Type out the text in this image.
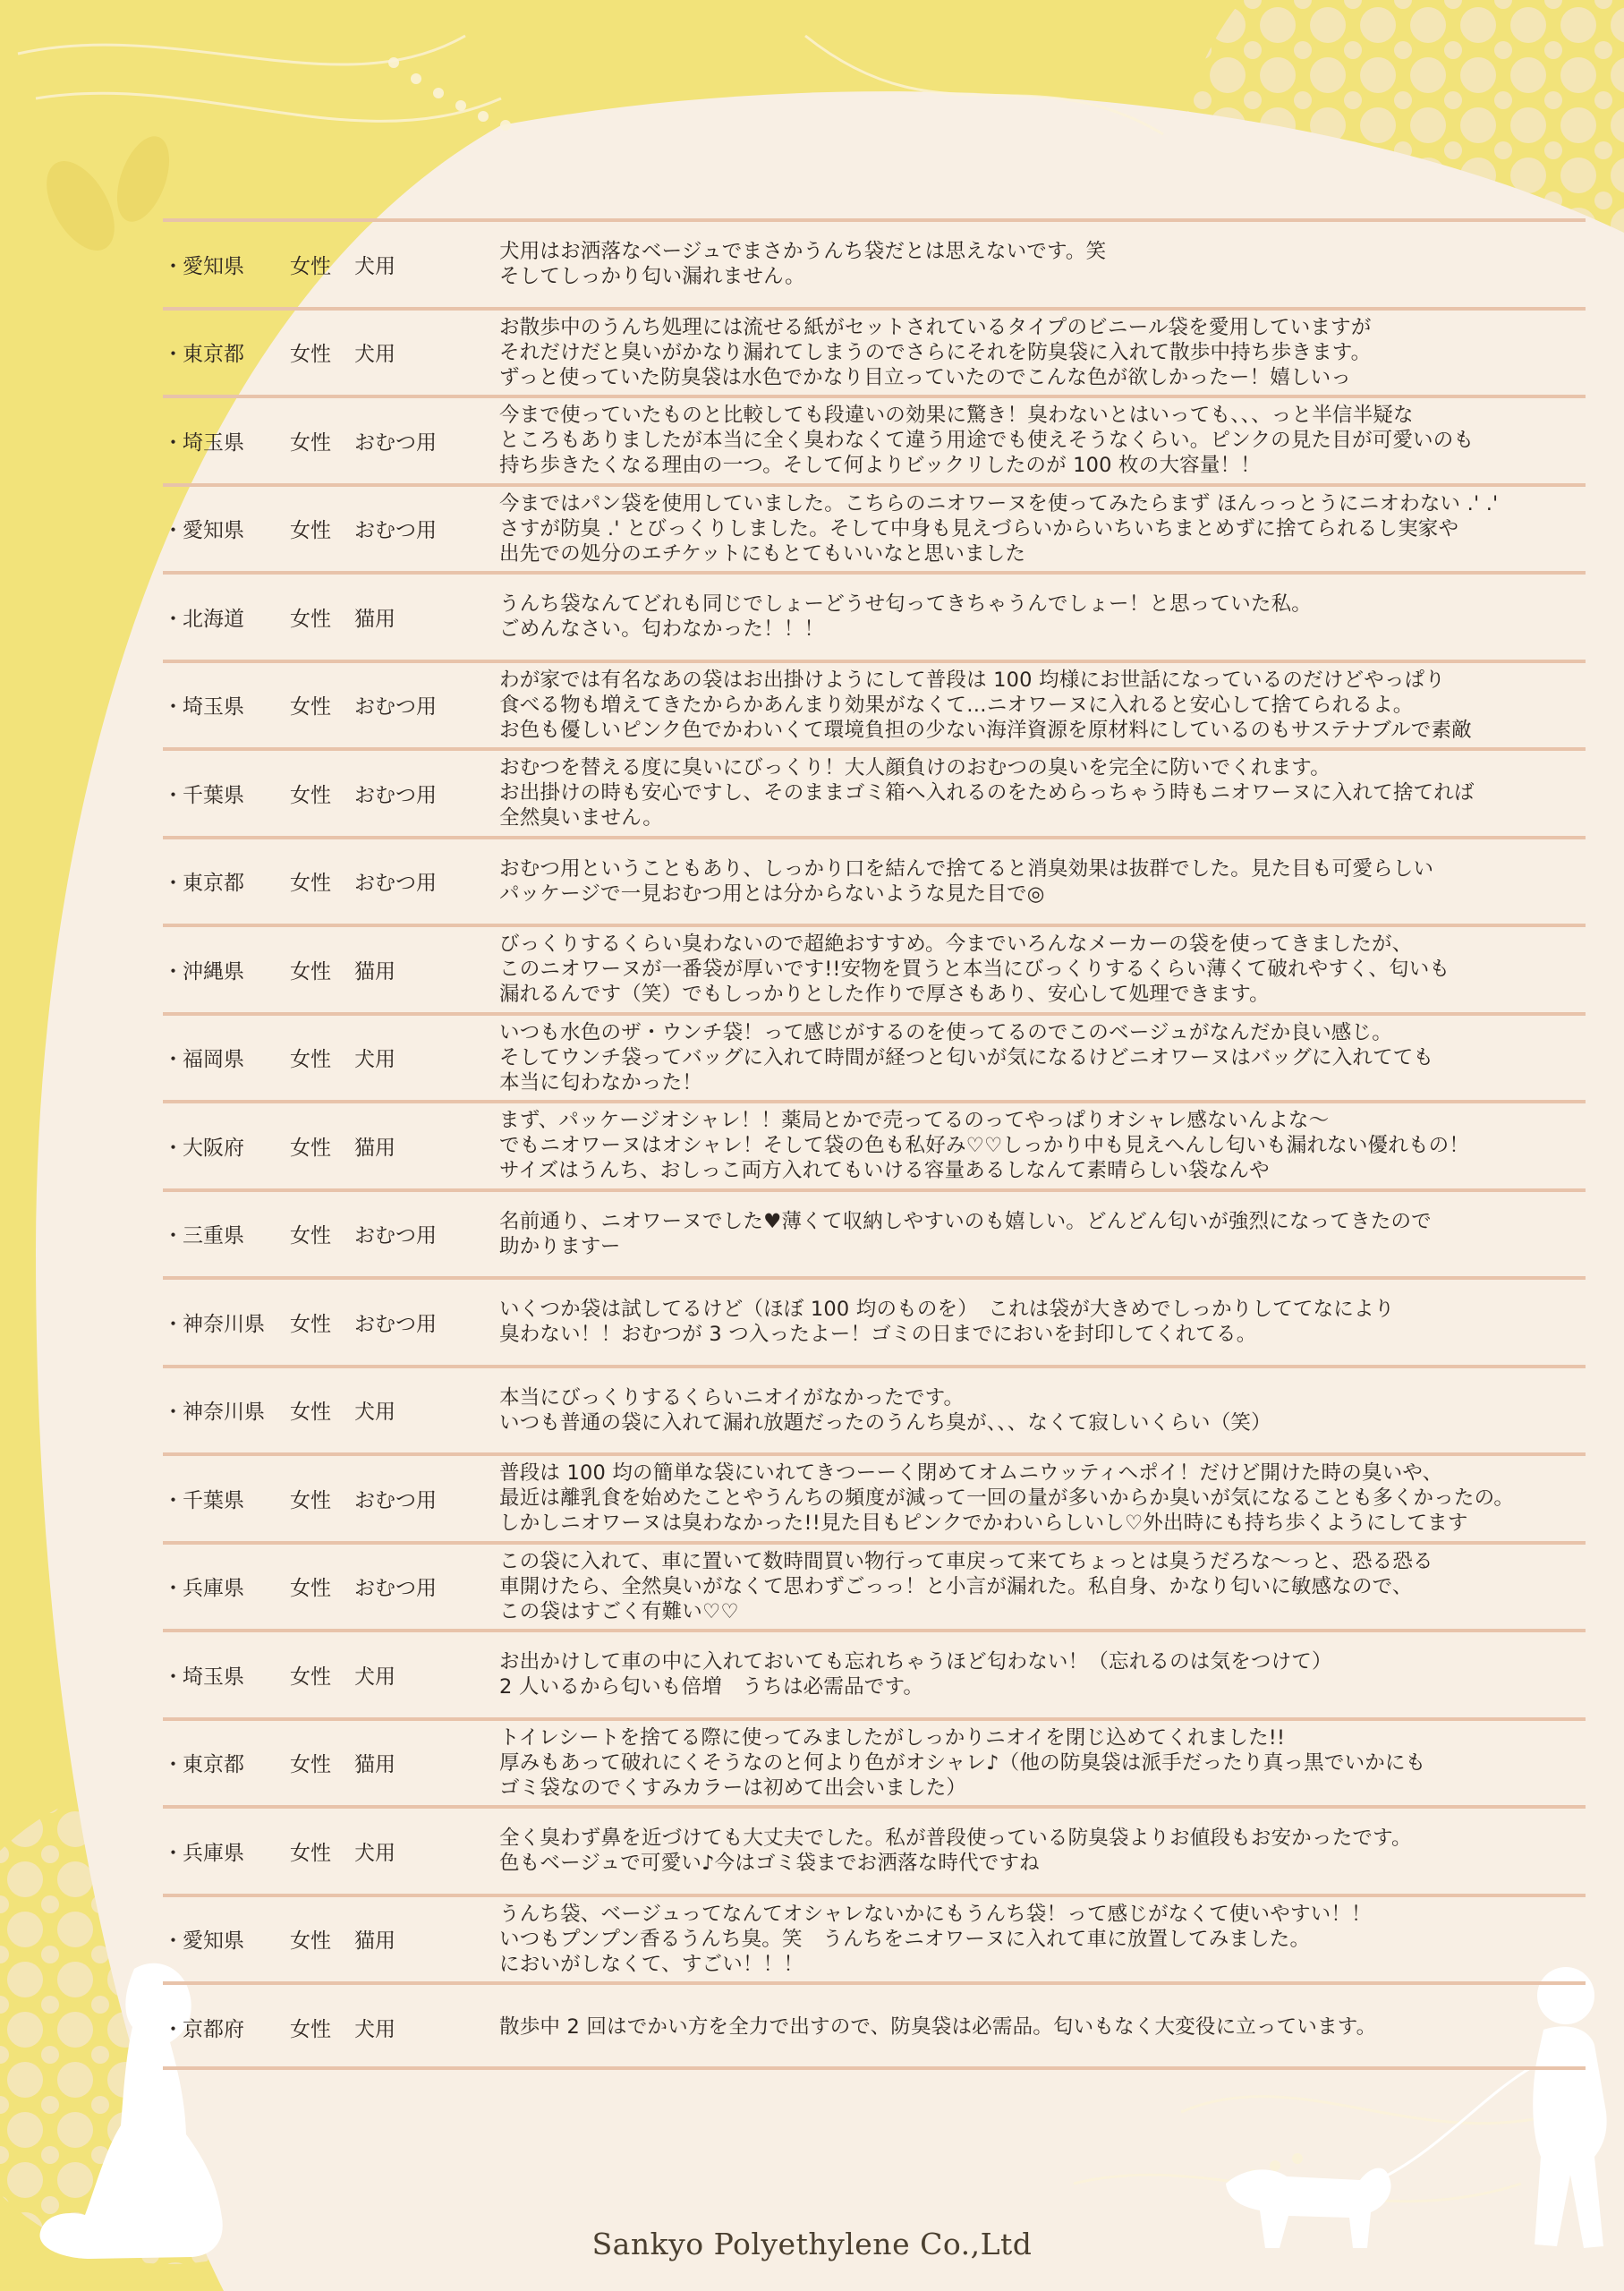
・ 愛知県	女性	犬用
犬用はお洒落なベージュでまさかうんち袋だとは思えないです。笑
そしてしっかり匂い漏れません。
・ 東京都	女性	犬用
お散歩中のうんち処理には流せる紙がセットされているタイプのビニール袋を愛用していますが
それだけだと臭いがかなり漏れてしまうのでさらにそれを防臭袋に入れて散歩中持ち歩きます。
ずっと使っていた防臭袋は水色でかなり目立っていたのでこんな色が欲しかったー！嬉しいっ
・ 埼玉県	女性	おむつ用
今まで使っていたものと比較しても段違いの効果に驚き！臭わないとはいっても、、、っと半信半疑な
ところもありましたが本当に全く臭わなくて違う用途でも使えそうなくらい。ピンクの見た目が可愛いのも
持ち歩きたくなる理由の一つ。そして何よりビックリしたのが 100 枚の大容量！！
・ 愛知県	女性	おむつ用
今まではパン袋を使用していました。こちらのニオワーヌを使ってみたらまず ほんっっとうにニオわない .' .'
さすが防臭 .' とびっくりしました。そして中身も見えづらいからいちいちまとめずに捨てられるし実家や
出先での処分のエチケットにもとてもいいなと思いました
・ 北海道	女性	猫用
うんち袋なんてどれも同じでしょーどうせ匂ってきちゃうんでしょー！と思っていた私。
ごめんなさい。匂わなかった！！！
・ 埼玉県	女性	おむつ用
わが家では有名なあの袋はお出掛けようにして普段は 100 均様にお世話になっているのだけどやっぱり
食べる物も増えてきたからかあんまり効果がなくて…ニオワーヌに入れると安心して捨てられるよ。
お色も優しいピンク色でかわいくて環境負担の少ない海洋資源を原材料にしているのもサステナブルで素敵
・ 千葉県	女性	おむつ用
おむつを替える度に臭いにびっくり！大人顔負けのおむつの臭いを完全に防いでくれます。
お出掛けの時も安心ですし、そのままゴミ箱へ入れるのをためらっちゃう時もニオワーヌに入れて捨てれば
全然臭いません。
・ 東京都	女性	おむつ用
おむつ用ということもあり、しっかり口を結んで捨てると消臭効果は抜群でした。見た目も可愛らしい
パッケージで一見おむつ用とは分からないような見た目で◎
・ 沖縄県	女性	猫用
びっくりするくらい臭わないので超絶おすすめ。今までいろんなメーカーの袋を使ってきましたが、
このニオワーヌが一番袋が厚いです!!安物を買うと本当にびっくりするくらい薄くて破れやすく、匂いも
漏れるんです（笑）でもしっかりとした作りで厚さもあり、安心して処理できます。
・ 福岡県	女性	犬用
いつも水色のザ・ウンチ袋！って感じがするのを使ってるのでこのベージュがなんだか良い感じ。
そしてウンチ袋ってバッグに入れて時間が経つと匂いが気になるけどニオワーヌはバッグに入れてても
本当に匂わなかった！
・ 大阪府	女性	猫用
まず、パッケージオシャレ！！薬局とかで売ってるのってやっぱりオシャレ感ないんよな〜
でもニオワーヌはオシャレ！そして袋の色も私好み♡♡しっかり中も見えへんし匂いも漏れない優れもの！
サイズはうんち、おしっこ両方入れてもいける容量あるしなんて素晴らしい袋なんや
・ 三重県	女性	おむつ用
名前通り、ニオワーヌでした♥薄くて収納しやすいのも嬉しい。どんどん匂いが強烈になってきたので
助かりますー
・ 神奈川県	女性	おむつ用
いくつか袋は試してるけど（ほぼ 100 均のものを）　これは袋が大きめでしっかりしててなにより
臭わない！！おむつが 3 つ入ったよー！ゴミの日までにおいを封印してくれてる。
・ 神奈川県	女性	犬用
本当にびっくりするくらいニオイがなかったです。
いつも普通の袋に入れて漏れ放題だったのうんち臭が、、、なくて寂しいくらい（笑）
・ 千葉県	女性	おむつ用
普段は 100 均の簡単な袋にいれてきつーーく閉めてオムニウッティヘポイ！だけど開けた時の臭いや、
最近は離乳食を始めたことやうんちの頻度が減って一回の量が多いからか臭いが気になることも多くかったの。
しかしニオワーヌは臭わなかった!!見た目もピンクでかわいらしいし♡外出時にも持ち歩くようにしてます
・ 兵庫県	女性	おむつ用
この袋に入れて、車に置いて数時間買い物行って車戻って来てちょっとは臭うだろな〜っと、恐る恐る
車開けたら、全然臭いがなくて思わずごっっ！と小言が漏れた。私自身、かなり匂いに敏感なので、
この袋はすごく有難い♡♡
・ 埼玉県	女性	犬用
お出かけして車の中に入れておいても忘れちゃうほど匂わない！（忘れるのは気をつけて）
2 人いるから匂いも倍増　うちは必需品です。
・ 東京都	女性	猫用
トイレシートを捨てる際に使ってみましたがしっかりニオイを閉じ込めてくれました!!
厚みもあって破れにくそうなのと何より色がオシャレ♪（他の防臭袋は派手だったり真っ黒でいかにも
ゴミ袋なのでくすみカラーは初めて出会いました）
・ 兵庫県	女性	犬用
全く臭わず鼻を近づけても大丈夫でした。私が普段使っている防臭袋よりお値段もお安かったです。
色もベージュで可愛い♪今はゴミ袋までお洒落な時代ですね
・ 愛知県	女性	猫用
うんち袋、ベージュってなんてオシャレないかにもうんち袋！って感じがなくて使いやすい！！
いつもプンプン香るうんち臭。笑　うんちをニオワーヌに入れて車に放置してみました。
においがしなくて、すごい！！！
・ 京都府	女性	犬用	散歩中 2 回はでかい方を全力で出すので、防臭袋は必需品。匂いもなく大変役に立っています。
Sankyo Polyethylene Co.,Ltd
